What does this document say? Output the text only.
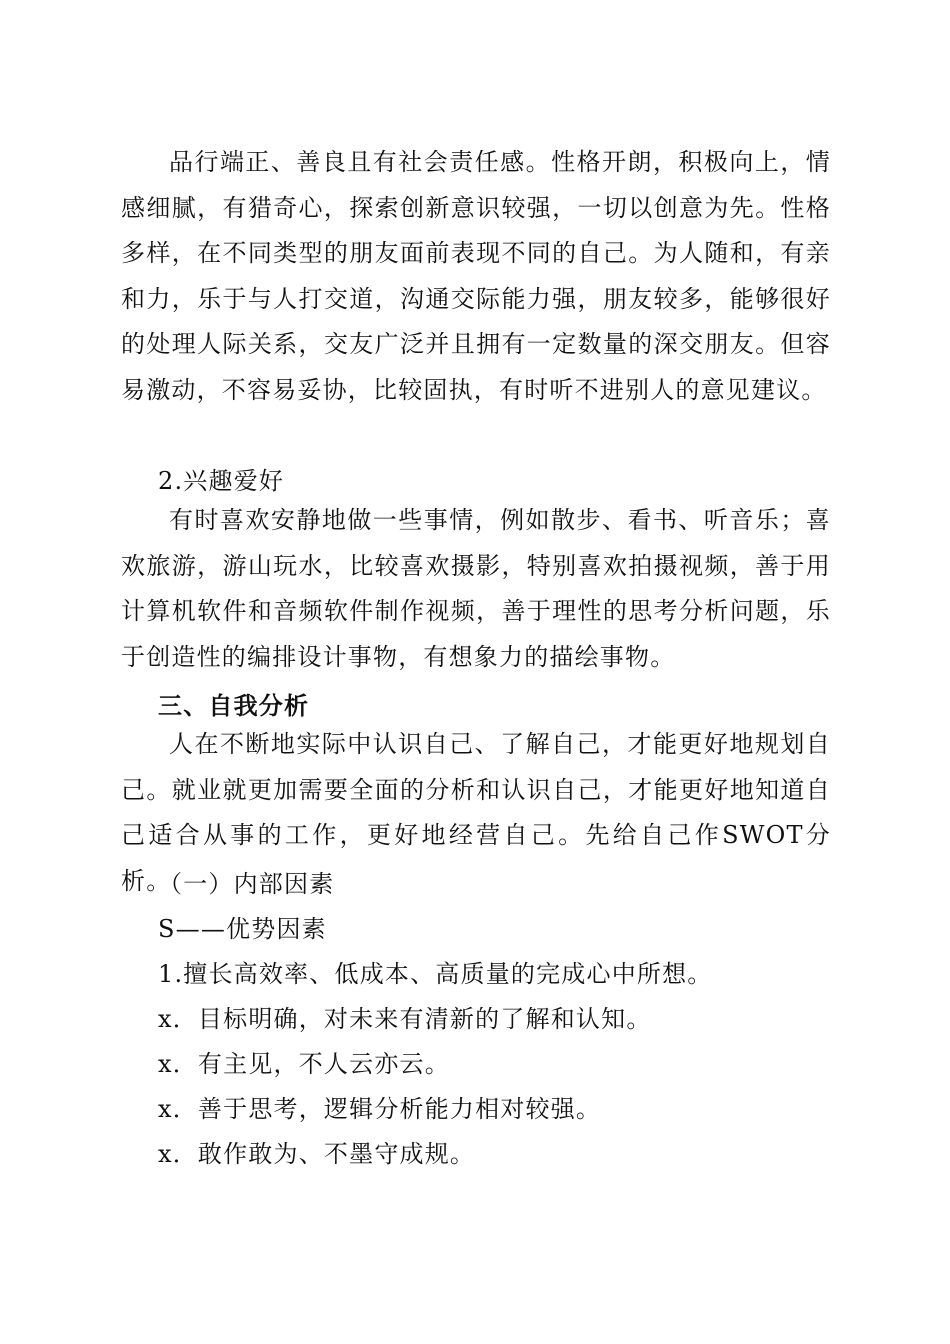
品行端正、善良且有社会责任感。性格开朗，积极向上，情感细腻，有猎奇心，探索创新意识较强，一切以创意为先。性格多样，在不同类型的朋友面前表现不同的自己。为人随和，有亲和力，乐于与人打交道，沟通交际能力强，朋友较多，能够很好的处理人际关系，交友广泛并且拥有一定数量的深交朋友。但容易激动，不容易妥协，比较固执，有时听不进别人的意见建议。

2.兴趣爱好

有时喜欢安静地做一些事情，例如散步、看书、听音乐；喜欢旅游，游山玩水，比较喜欢摄影，特别喜欢拍摄视频，善于用计算机软件和音频软件制作视频，善于理性的思考分析问题，乐于创造性的编排设计事物，有想象力的描绘事物。

三、自我分析

人在不断地实际中认识自己、了解自己，才能更好地规划自己。就业就更加需要全面的分析和认识自己，才能更好地知道自己适合从事的工作，更好地经营自己。先给自己作SWOT分析。

（一）内部因素

S——优势因素

1.擅长高效率、低成本、高质量的完成心中所想。

x．目标明确，对未来有清新的了解和认知。

x．有主见，不人云亦云。

x．善于思考，逻辑分析能力相对较强。

x．敢作敢为、不墨守成规。
